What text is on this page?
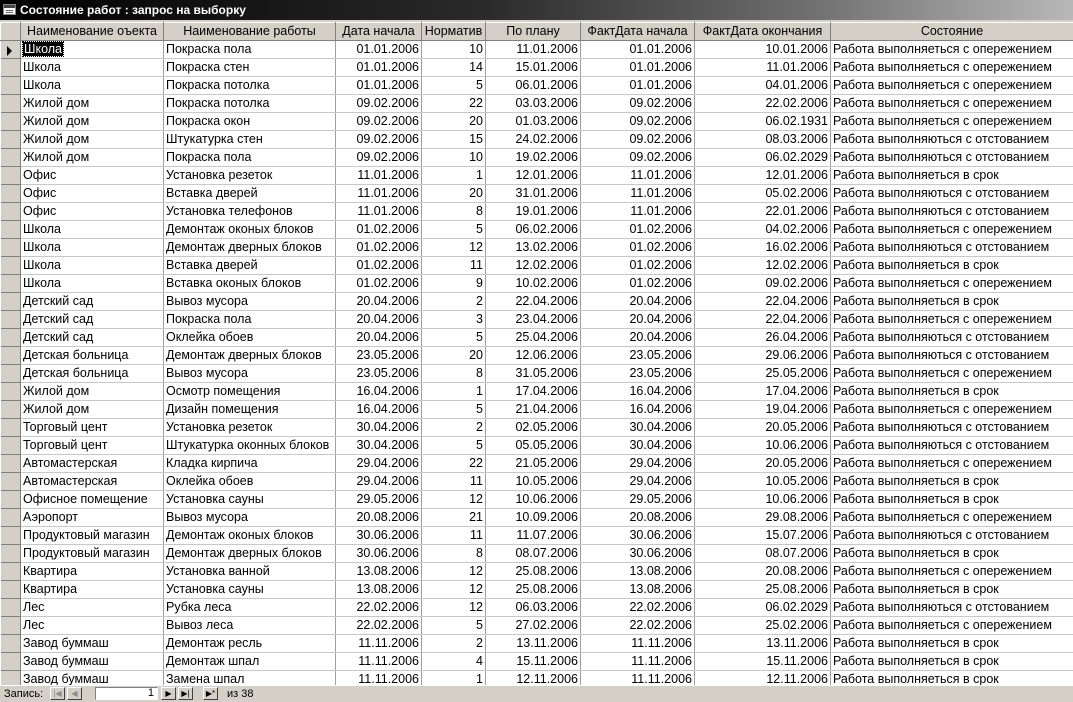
Состояние работ : запрос на выборку
	Наименование оъекта	Наименование работы	Дата начала	Норматив	По плану	ФактДата начала	ФактДата окончания	Состояние

	Школа	Покраска пола	01.01.2006	10	11.01.2006	01.01.2006	10.01.2006	Работа выполняеться с опережением
	Школа	Покраска стен	01.01.2006	14	15.01.2006	01.01.2006	11.01.2006	Работа выполняеться с опережением
	Школа	Покраска потолка	01.01.2006	5	06.01.2006	01.01.2006	04.01.2006	Работа выполняеться с опережением
	Жилой дом	Покраска потолка	09.02.2006	22	03.03.2006	09.02.2006	22.02.2006	Работа выполняеться с опережением
	Жилой дом	Покраска окон	09.02.2006	20	01.03.2006	09.02.2006	06.02.1931	Работа выполняеться с опережением
	Жилой дом	Штукатурка стен	09.02.2006	15	24.02.2006	09.02.2006	08.03.2006	Работа выполняються с отстованием
	Жилой дом	Покраска пола	09.02.2006	10	19.02.2006	09.02.2006	06.02.2029	Работа выполняються с отстованием
	Офис	Установка резеток	11.01.2006	1	12.01.2006	11.01.2006	12.01.2006	Работа выполняеться в срок
	Офис	Вставка дверей	11.01.2006	20	31.01.2006	11.01.2006	05.02.2006	Работа выполняються с отстованием
	Офис	Установка телефонов	11.01.2006	8	19.01.2006	11.01.2006	22.01.2006	Работа выполняються с отстованием
	Школа	Демонтаж оконых блоков	01.02.2006	5	06.02.2006	01.02.2006	04.02.2006	Работа выполняеться с опережением
	Школа	Демонтаж дверных блоков	01.02.2006	12	13.02.2006	01.02.2006	16.02.2006	Работа выполняються с отстованием
	Школа	Вставка дверей	01.02.2006	11	12.02.2006	01.02.2006	12.02.2006	Работа выполняеться в срок
	Школа	Вставка оконых блоков	01.02.2006	9	10.02.2006	01.02.2006	09.02.2006	Работа выполняеться с опережением
	Детский сад	Вывоз мусора	20.04.2006	2	22.04.2006	20.04.2006	22.04.2006	Работа выполняеться в срок
	Детский сад	Покраска пола	20.04.2006	3	23.04.2006	20.04.2006	22.04.2006	Работа выполняеться с опережением
	Детский сад	Оклейка обоев	20.04.2006	5	25.04.2006	20.04.2006	26.04.2006	Работа выполняються с отстованием
	Детская больница	Демонтаж дверных блоков	23.05.2006	20	12.06.2006	23.05.2006	29.06.2006	Работа выполняються с отстованием
	Детская больница	Вывоз мусора	23.05.2006	8	31.05.2006	23.05.2006	25.05.2006	Работа выполняеться с опережением
	Жилой дом	Осмотр помещения	16.04.2006	1	17.04.2006	16.04.2006	17.04.2006	Работа выполняеться в срок
	Жилой дом	Дизайн помещения	16.04.2006	5	21.04.2006	16.04.2006	19.04.2006	Работа выполняеться с опережением
	Торговый цент	Установка резеток	30.04.2006	2	02.05.2006	30.04.2006	20.05.2006	Работа выполняються с отстованием
	Торговый цент	Штукатурка оконных блоков	30.04.2006	5	05.05.2006	30.04.2006	10.06.2006	Работа выполняються с отстованием
	Автомастерская	Кладка кирпича	29.04.2006	22	21.05.2006	29.04.2006	20.05.2006	Работа выполняеться с опережением
	Автомастерская	Оклейка обоев	29.04.2006	11	10.05.2006	29.04.2006	10.05.2006	Работа выполняеться в срок
	Офисное помещение	Установка сауны	29.05.2006	12	10.06.2006	29.05.2006	10.06.2006	Работа выполняеться в срок
	Аэропорт	Вывоз мусора	20.08.2006	21	10.09.2006	20.08.2006	29.08.2006	Работа выполняеться с опережением
	Продуктовый магазин	Демонтаж оконых блоков	30.06.2006	11	11.07.2006	30.06.2006	15.07.2006	Работа выполняються с отстованием
	Продуктовый магазин	Демонтаж дверных блоков	30.06.2006	8	08.07.2006	30.06.2006	08.07.2006	Работа выполняеться в срок
	Квартира	Установка ванной	13.08.2006	12	25.08.2006	13.08.2006	20.08.2006	Работа выполняеться с опережением
	Квартира	Установка сауны	13.08.2006	12	25.08.2006	13.08.2006	25.08.2006	Работа выполняеться в срок
	Лес	Рубка леса	22.02.2006	12	06.03.2006	22.02.2006	06.02.2029	Работа выполняються с отстованием
	Лес	Вывоз леса	22.02.2006	5	27.02.2006	22.02.2006	25.02.2006	Работа выполняеться с опережением
	Завод буммаш	Демонтаж ресль	11.11.2006	2	13.11.2006	11.11.2006	13.11.2006	Работа выполняеться в срок
	Завод буммаш	Демонтаж шпал	11.11.2006	4	15.11.2006	11.11.2006	15.11.2006	Работа выполняеться в срок
	Завод буммаш	Замена шпал	11.11.2006	1	12.11.2006	11.11.2006	12.11.2006	Работа выполняеться в срок
Запись:	|◀	◀	1	▶	▶|	▶* из 38
